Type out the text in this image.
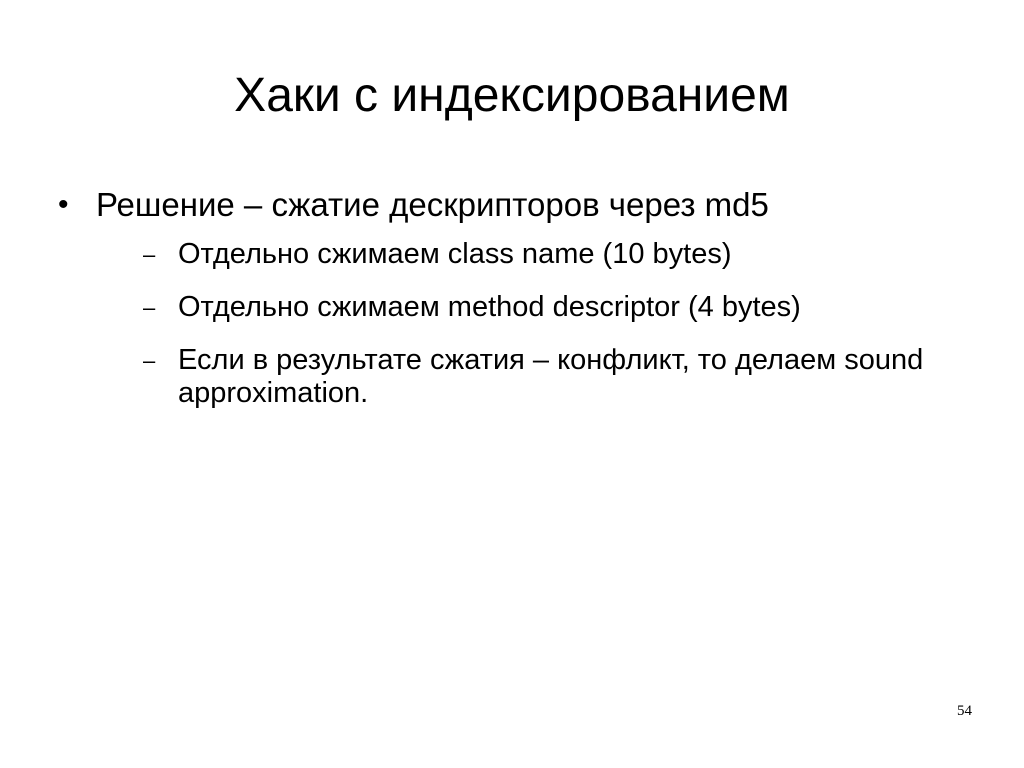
Хаки с индексированием
• Решение – сжатие дескрипторов через md5
– Отдельно сжимаем class name (10 bytes)
– Отдельно сжимаем method descriptor (4 bytes)
– Если в результате сжатия – конфликт, то делаем sound approximation.
54
